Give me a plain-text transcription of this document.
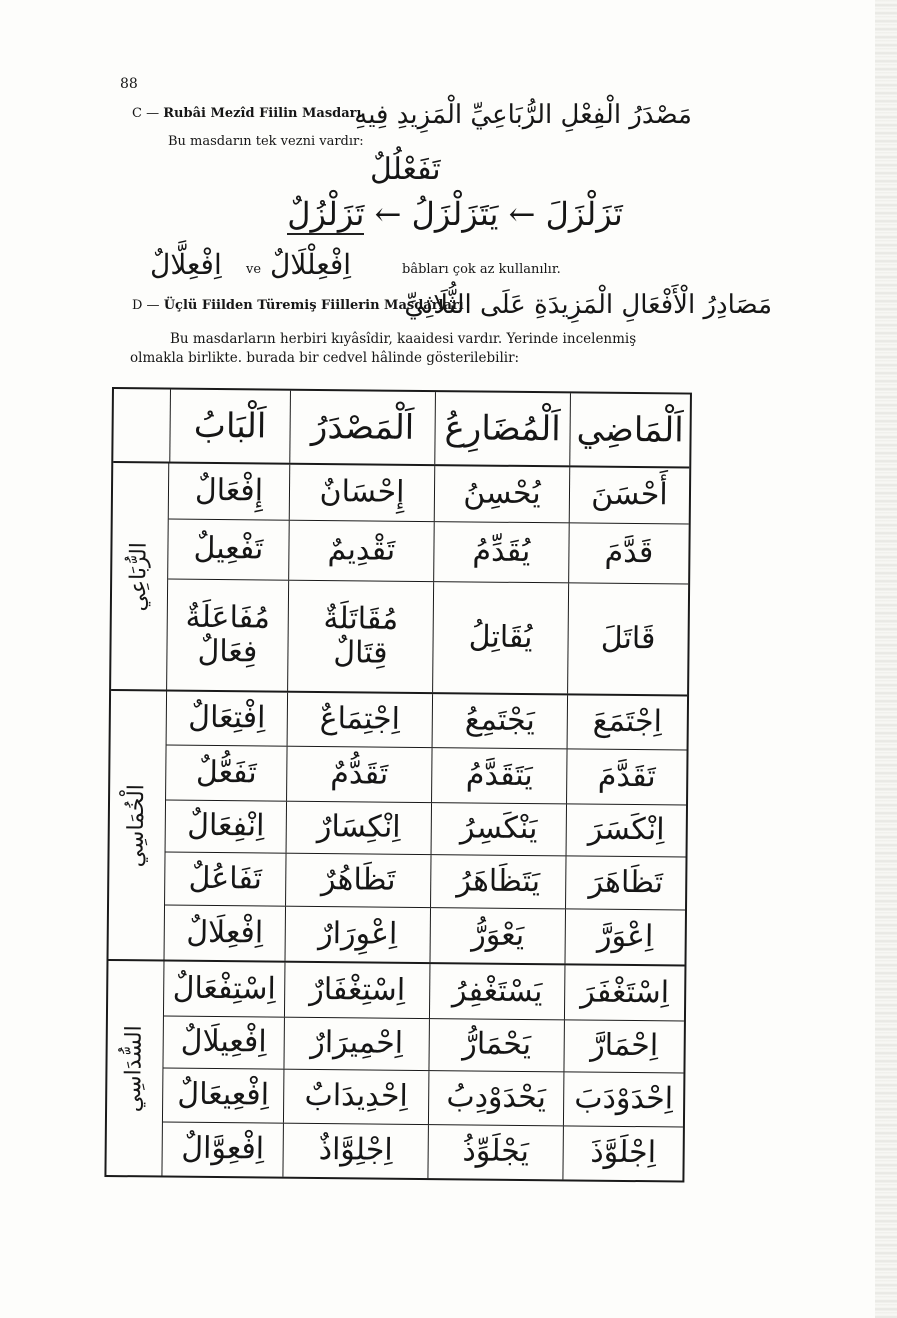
88
C — Rubâi Mezîd Fiilin Masdarı
مَصْدَرُ الْفِعْلِ الرُّبَاعِيِّ الْمَزِيدِ فِيهِ
Bu masdarın tek vezni vardır:
تَفَعْلُلٌ
تَزَلْزَلَ ← يَتَزَلْزَلُ ← تَزَلْزُلٌ
اِفْعِلَّالٌ ve اِفْعِلْلَالٌ	bâbları çok az kullanılır.
D — Üçlü Fiilden Türemiş Fiillerin Masdarları
مَصَادِرُ الْأَفْعَالِ الْمَزِيدَةِ عَلَى الثُّلَاثِيِّ
Bu masdarların herbiri kıyâsîdir, kaaidesi vardır. Yerinde incelenmiş
olmakla birlikte. burada bir cedvel hâlinde gösterilebilir:
اَلْمَاضِي
اَلْمُضَارِعُ
اَلْمَصْدَرُ
اَلْبَابُ
أَحْسَنَ
يُحْسِنُ
إِحْسَانٌ
إِفْعَالٌ
قَدَّمَ
يُقَدِّمُ
تَقْدِيمٌ
تَفْعِيلٌ
قَاتَلَ
يُقَاتِلُ
مُقَاتَلَةٌ
قِتَالٌ
مُفَاعَلَةٌ
فِعَالٌ
الرُّبَاعِي
اِجْتَمَعَ
يَجْتَمِعُ
اِجْتِمَاعٌ
اِفْتِعَالٌ
تَقَدَّمَ
يَتَقَدَّمُ
تَقَدُّمٌ
تَفَعُّلٌ
اِنْكَسَرَ
يَنْكَسِرُ
اِنْكِسَارٌ
اِنْفِعَالٌ
تَظَاهَرَ
يَتَظَاهَرُ
تَظَاهُرٌ
تَفَاعُلٌ
اِعْوَرَّ
يَعْوَرُّ
اِعْوِرَارٌ
اِفْعِلَالٌ
الْخُمَاسِي
اِسْتَغْفَرَ
يَسْتَغْفِرُ
اِسْتِغْفَارٌ
اِسْتِفْعَالٌ
اِحْمَارَّ
يَحْمَارُّ
اِحْمِيرَارٌ
اِفْعِيلَالٌ
اِحْدَوْدَبَ
يَحْدَوْدِبُ
اِحْدِيدَابٌ
اِفْعِيعَالٌ
اِجْلَوَّذَ
يَجْلَوِّذُ
اِجْلِوَّاذٌ
اِفْعِوَّالٌ
السُّدَاسِي
